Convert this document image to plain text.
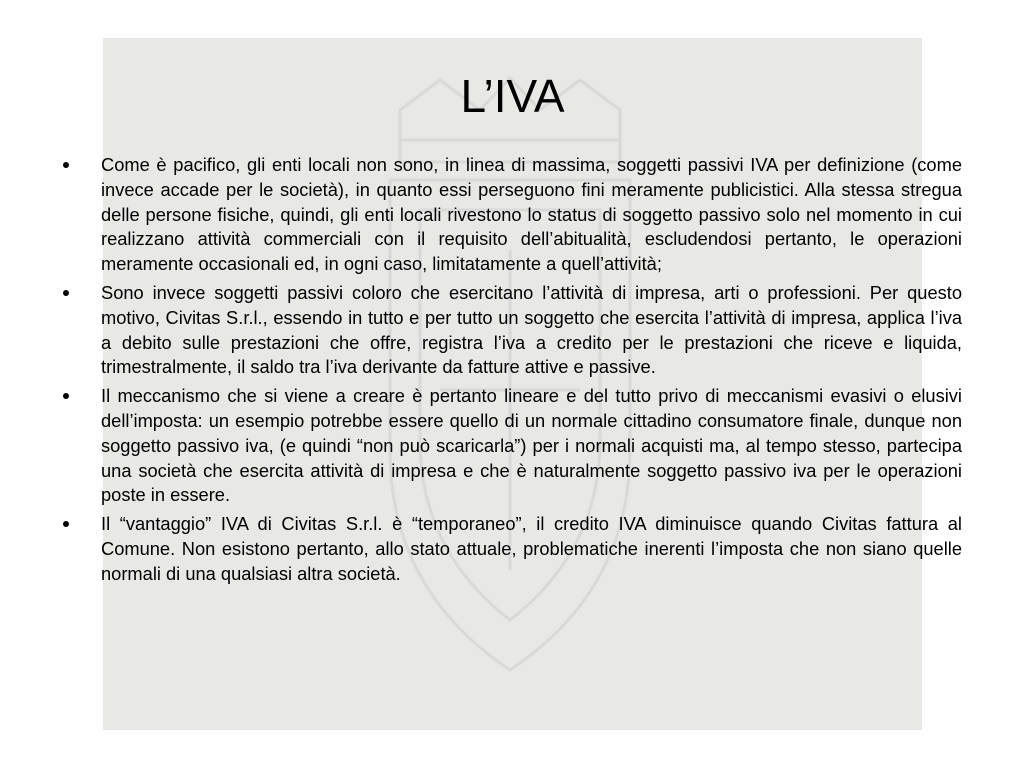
L’IVA
Come è pacifico, gli enti locali non sono, in linea di massima, soggetti passivi IVA per definizione (come invece accade per le società), in quanto essi perseguono fini meramente publicistici. Alla stessa stregua delle persone fisiche, quindi, gli enti locali rivestono lo status di soggetto passivo solo nel momento in cui realizzano attività commerciali con il requisito dell’abitualità, escludendosi pertanto, le operazioni meramente occasionali ed, in ogni caso, limitatamente a quell’attività;
Sono invece soggetti passivi coloro che esercitano l’attività di impresa, arti o professioni. Per questo motivo, Civitas S.r.l., essendo in tutto e per tutto un soggetto che esercita l’attività di impresa, applica l’iva a debito sulle prestazioni che offre, registra l’iva a credito per le prestazioni che riceve e liquida, trimestralmente, il saldo tra l’iva derivante da fatture attive e passive.
Il meccanismo che si viene a creare è pertanto lineare e del tutto privo di meccanismi evasivi o elusivi dell’imposta: un esempio potrebbe essere quello di un normale cittadino consumatore finale, dunque non soggetto passivo iva, (e quindi “non può scaricarla”) per i normali acquisti ma, al tempo stesso, partecipa una società che esercita attività di impresa e che è naturalmente soggetto passivo iva per le operazioni poste in essere.
Il “vantaggio” IVA di Civitas S.r.l. è “temporaneo”, il credito IVA diminuisce quando Civitas fattura al Comune. Non esistono pertanto, allo stato attuale, problematiche inerenti l’imposta che non siano quelle normali di una qualsiasi altra società.
